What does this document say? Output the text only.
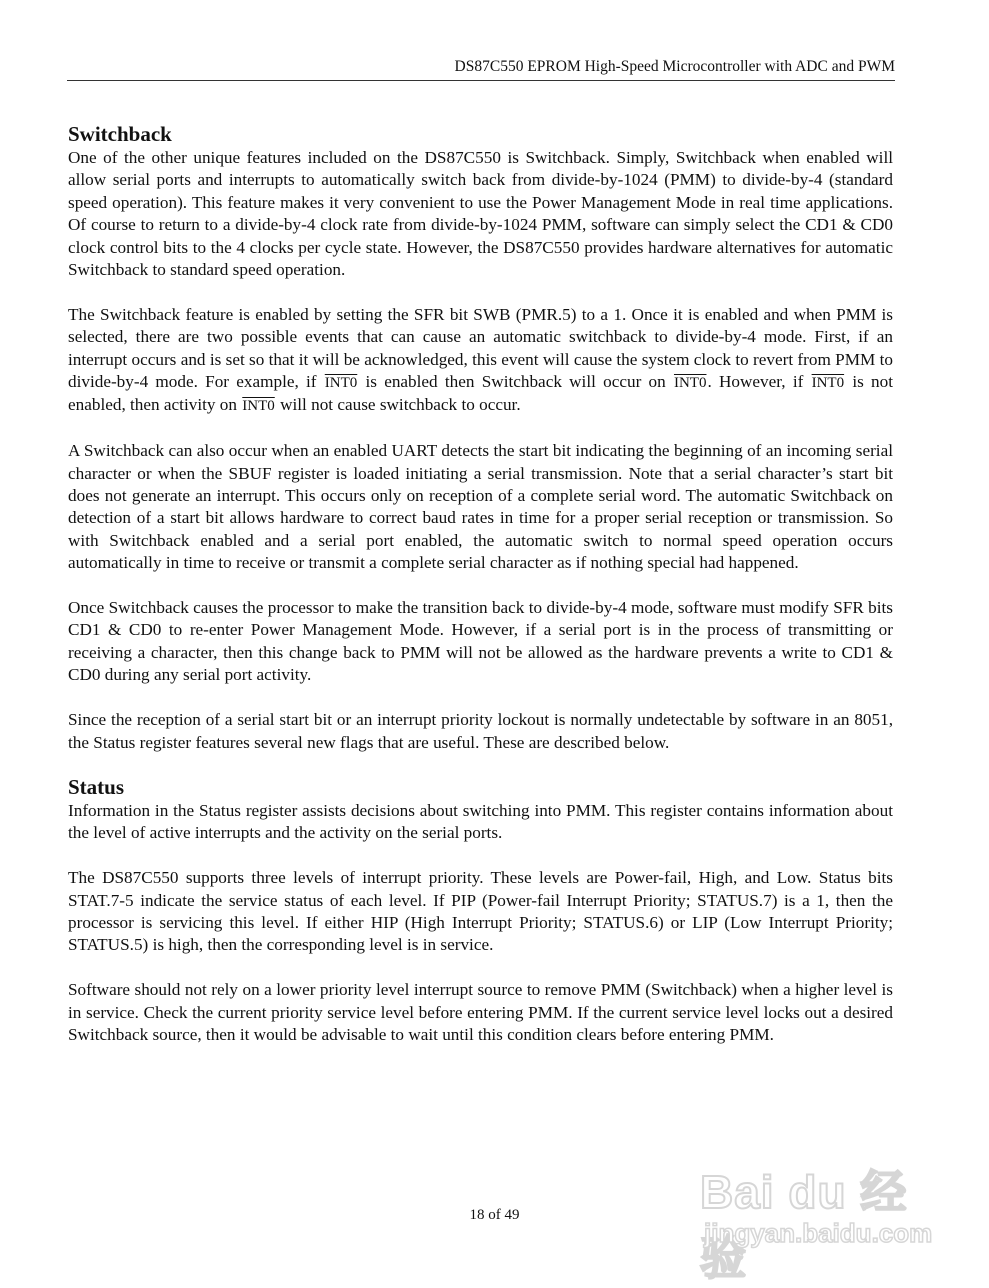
DS87C550 EPROM High-Speed Microcontroller with ADC and PWM
Switchback

One of the other unique features included on the DS87C550 is Switchback. Simply, Switchback when enabled will allow serial ports and interrupts to automatically switch back from divide-by-1024 (PMM) to divide-by-4 (standard speed operation). This feature makes it very convenient to use the Power Management Mode in real time applications. Of course to return to a divide-by-4 clock rate from divide-by-1024 PMM, software can simply select the CD1 & CD0 clock control bits to the 4 clocks per cycle state. However, the DS87C550 provides hardware alternatives for automatic Switchback to standard speed operation.

The Switchback feature is enabled by setting the SFR bit SWB (PMR.5) to a 1. Once it is enabled and when PMM is selected, there are two possible events that can cause an automatic switchback to divide-by-4 mode. First, if an interrupt occurs and is set so that it will be acknowledged, this event will cause the system clock to revert from PMM to divide-by-4 mode. For example, if INT0 is enabled then Switchback will occur on INT0. However, if INT0 is not enabled, then activity on INT0 will not cause switchback to occur.

A Switchback can also occur when an enabled UART detects the start bit indicating the beginning of an incoming serial character or when the SBUF register is loaded initiating a serial transmission. Note that a serial character’s start bit does not generate an interrupt. This occurs only on reception of a complete serial word. The automatic Switchback on detection of a start bit allows hardware to correct baud rates in time for a proper serial reception or transmission. So with Switchback enabled and a serial port enabled, the automatic switch to normal speed operation occurs automatically in time to receive or transmit a complete serial character as if nothing special had happened.

Once Switchback causes the processor to make the transition back to divide-by-4 mode, software must modify SFR bits CD1 & CD0 to re-enter Power Management Mode. However, if a serial port is in the process of transmitting or receiving a character, then this change back to PMM will not be allowed as the hardware prevents a write to CD1 & CD0 during any serial port activity.

Since the reception of a serial start bit or an interrupt priority lockout is normally undetectable by software in an 8051, the Status register features several new flags that are useful. These are described below.

Status

Information in the Status register assists decisions about switching into PMM. This register contains information about the level of active interrupts and the activity on the serial ports.

The DS87C550 supports three levels of interrupt priority. These levels are Power-fail, High, and Low. Status bits STAT.7-5 indicate the service status of each level. If PIP (Power-fail Interrupt Priority; STATUS.7) is a 1, then the processor is servicing this level. If either HIP (High Interrupt Priority; STATUS.6) or LIP (Low Interrupt Priority; STATUS.5) is high, then the corresponding level is in service.

Software should not rely on a lower priority level interrupt source to remove PMM (Switchback) when a higher level is in service. Check the current priority service level before entering PMM. If the current service level locks out a desired Switchback source, then it would be advisable to wait until this condition clears before entering PMM.

18 of 49	Bai du 经验
jingyan.baidu.com
